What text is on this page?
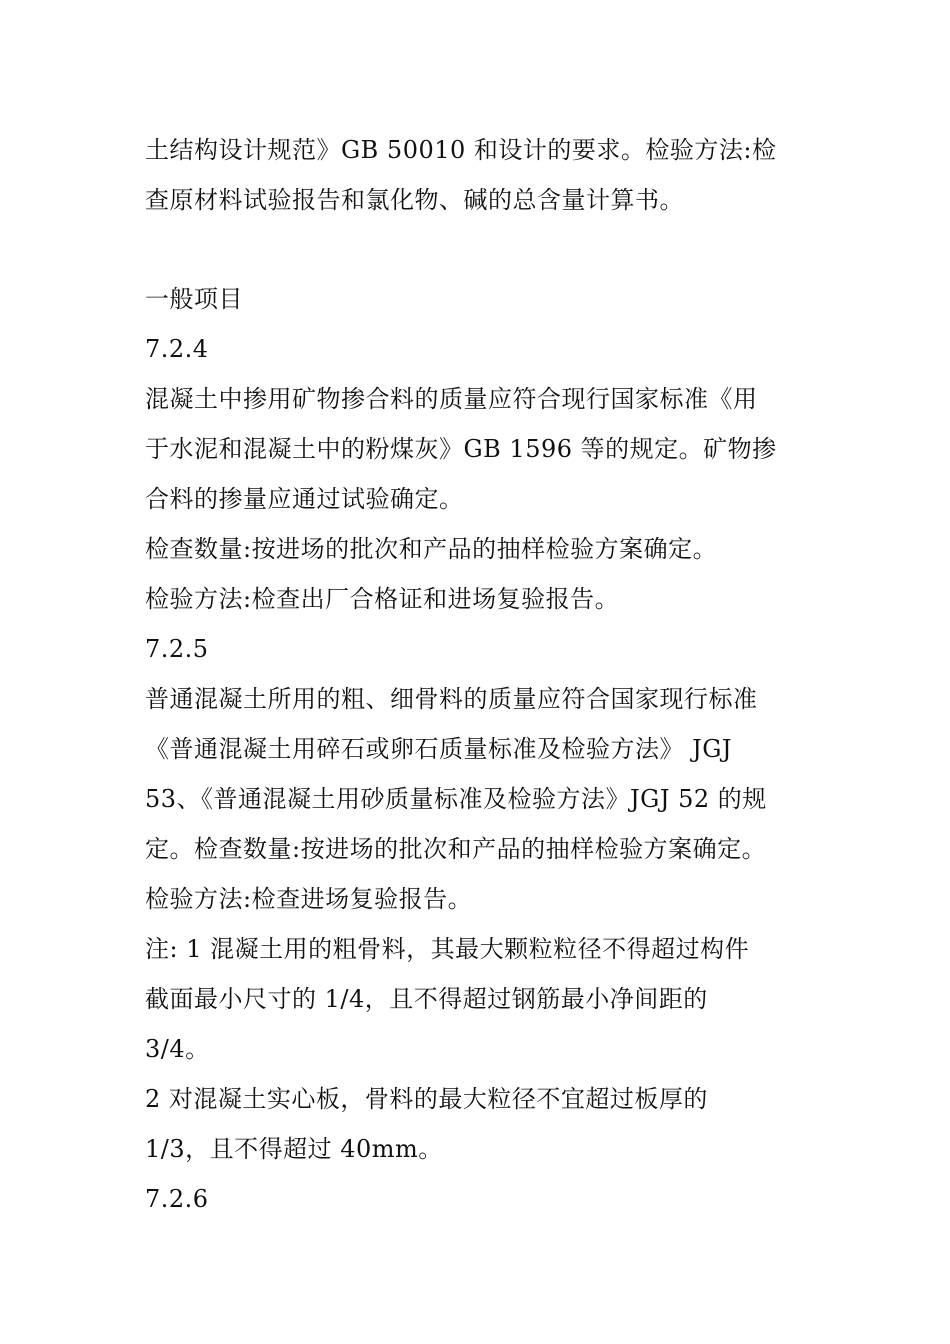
土结构设计规范》GB 50010 和设计的要求。检验方法:检
查原材料试验报告和氯化物、碱的总含量计算书。
一般项目
7.2.4
混凝土中掺用矿物掺合料的质量应符合现行国家标准《用
于水泥和混凝土中的粉煤灰》GB 1596 等的规定。矿物掺
合料的掺量应通过试验确定。
检查数量:按进场的批次和产品的抽样检验方案确定。
检验方法:检查出厂合格证和进场复验报告。
7.2.5
普通混凝土所用的粗、细骨料的质量应符合国家现行标准
《普通混凝土用碎石或卵石质量标准及检验方法》 JGJ
53、《普通混凝土用砂质量标准及检验方法》JGJ 52 的规
定。检查数量:按进场的批次和产品的抽样检验方案确定。
检验方法:检查进场复验报告。
注: 1 混凝土用的粗骨料，其最大颗粒粒径不得超过构件
截面最小尺寸的 1/4，且不得超过钢筋最小净间距的
3/4。
2 对混凝土实心板，骨料的最大粒径不宜超过板厚的
1/3，且不得超过 40mm。
7.2.6
